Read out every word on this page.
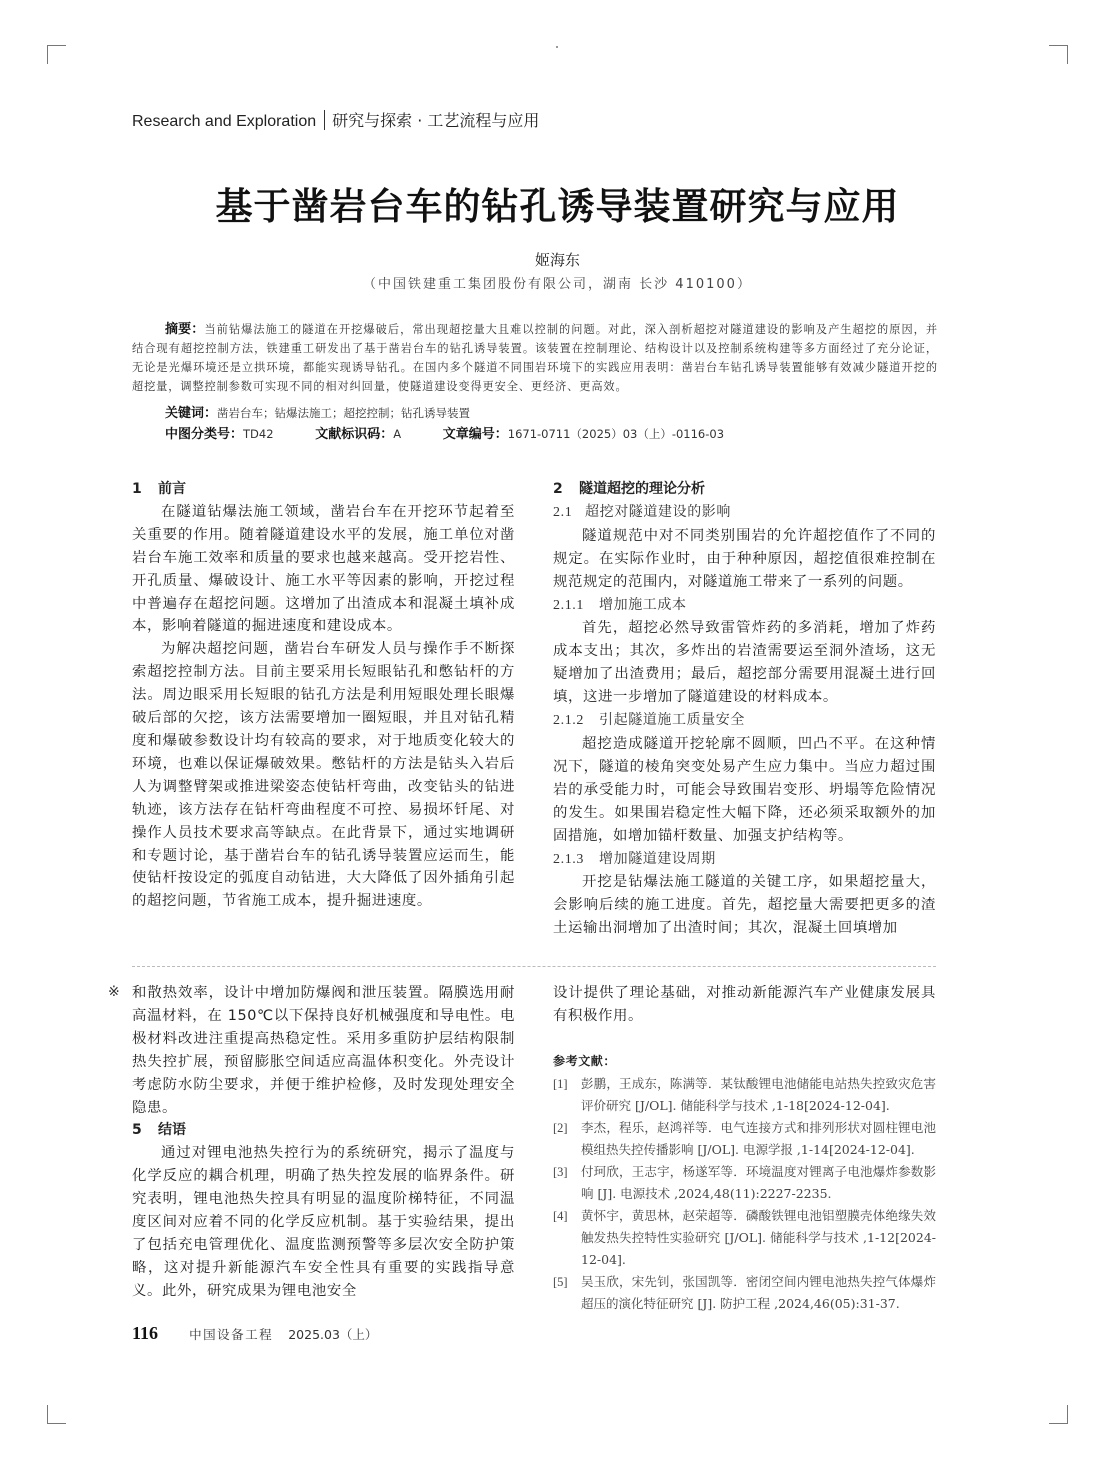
Research and Exploration 研究与探索 · 工艺流程与应用
基于凿岩台车的钻孔诱导装置研究与应用
姬海东
（中国铁建重工集团股份有限公司，湖南 长沙 410100）

摘要：当前钻爆法施工的隧道在开挖爆破后，常出现超挖量大且难以控制的问题。对此，深入剖析超挖对隧道建设的影响及产生超挖的原因，并结合现有超挖控制方法，铁建重工研发出了基于凿岩台车的钻孔诱导装置。该装置在控制理论、结构设计以及控制系统构建等多方面经过了充分论证，无论是光爆环境还是立拱环境，都能实现诱导钻孔。在国内多个隧道不同围岩环境下的实践应用表明：凿岩台车钻孔诱导装置能够有效减少隧道开挖的超挖量，调整控制参数可实现不同的相对纠回量，使隧道建设变得更安全、更经济、更高效。

关键词：凿岩台车；钻爆法施工；超挖控制；钻孔诱导装置
中图分类号：TD42	文献标识码：A	文章编号：1671-0711（2025）03（上）-0116-03

1 前言

在隧道钻爆法施工领域，凿岩台车在开挖环节起着至关重要的作用。随着隧道建设水平的发展，施工单位对凿岩台车施工效率和质量的要求也越来越高。受开挖岩性、开孔质量、爆破设计、施工水平等因素的影响，开挖过程中普遍存在超挖问题。这增加了出渣成本和混凝土填补成本，影响着隧道的掘进速度和建设成本。

为解决超挖问题，凿岩台车研发人员与操作手不断探索超挖控制方法。目前主要采用长短眼钻孔和憋钻杆的方法。周边眼采用长短眼的钻孔方法是利用短眼处理长眼爆破后部的欠挖，该方法需要增加一圈短眼，并且对钻孔精度和爆破参数设计均有较高的要求，对于地质变化较大的环境，也难以保证爆破效果。憋钻杆的方法是钻头入岩后人为调整臂架或推进梁姿态使钻杆弯曲，改变钻头的钻进轨迹，该方法存在钻杆弯曲程度不可控、易损坏钎尾、对操作人员技术要求高等缺点。在此背景下，通过实地调研和专题讨论，基于凿岩台车的钻孔诱导装置应运而生，能使钻杆按设定的弧度自动钻进，大大降低了因外插角引起的超挖问题，节省施工成本，提升掘进速度。

2 隧道超挖的理论分析

2.1 超挖对隧道建设的影响

隧道规范中对不同类别围岩的允许超挖值作了不同的规定。在实际作业时，由于种种原因，超挖值很难控制在规范规定的范围内，对隧道施工带来了一系列的问题。

2.1.1 增加施工成本

首先，超挖必然导致雷管炸药的多消耗，增加了炸药成本支出；其次，多炸出的岩渣需要运至洞外渣场，这无疑增加了出渣费用；最后，超挖部分需要用混凝土进行回填，这进一步增加了隧道建设的材料成本。

2.1.2 引起隧道施工质量安全

超挖造成隧道开挖轮廓不圆顺，凹凸不平。在这种情况下，隧道的棱角突变处易产生应力集中。当应力超过围岩的承受能力时，可能会导致围岩变形、坍塌等危险情况的发生。如果围岩稳定性大幅下降，还必须采取额外的加固措施，如增加锚杆数量、加强支护结构等。

2.1.3 增加隧道建设周期

开挖是钻爆法施工隧道的关键工序，如果超挖量大，会影响后续的施工进度。首先，超挖量大需要把更多的渣土运输出洞增加了出渣时间；其次，混凝土回填增加

※ 和散热效率，设计中增加防爆阀和泄压装置。隔膜选用耐高温材料，在 150℃以下保持良好机械强度和导电性。电极材料改进注重提高热稳定性。采用多重防护层结构限制热失控扩展，预留膨胀空间适应高温体积变化。外壳设计考虑防水防尘要求，并便于维护检修，及时发现处理安全隐患。

5 结语

通过对锂电池热失控行为的系统研究，揭示了温度与化学反应的耦合机理，明确了热失控发展的临界条件。研究表明，锂电池热失控具有明显的温度阶梯特征，不同温度区间对应着不同的化学反应机制。基于实验结果，提出了包括充电管理优化、温度监测预警等多层次安全防护策略，这对提升新能源汽车安全性具有重要的实践指导意义。此外，研究成果为锂电池安全

设计提供了理论基础，对推动新能源汽车产业健康发展具有积极作用。

参考文献：

[1] 彭鹏，王成东，陈满等．某钛酸锂电池储能电站热失控致灾危害评价研究 [J/OL]. 储能科学与技术 ,1-18[2024-12-04].
[2] 李杰，程乐，赵鸿祥等．电气连接方式和排列形状对圆柱锂电池模组热失控传播影响 [J/OL]. 电源学报 ,1-14[2024-12-04].
[3] 付珂欣，王志宇，杨遂军等．环境温度对锂离子电池爆炸参数影响 [J]. 电源技术 ,2024,48(11):2227-2235.
[4] 黄怀宇，黄思林，赵荣超等．磷酸铁锂电池铝塑膜壳体绝缘失效触发热失控特性实验研究 [J/OL]. 储能科学与技术 ,1-12[2024-12-04].
[5] 吴玉欣，宋先钊，张国凯等．密闭空间内锂电池热失控气体爆炸超压的演化特征研究 [J]. 防护工程 ,2024,46(05):31-37.
116 中国设备工程 2025.03（上）
